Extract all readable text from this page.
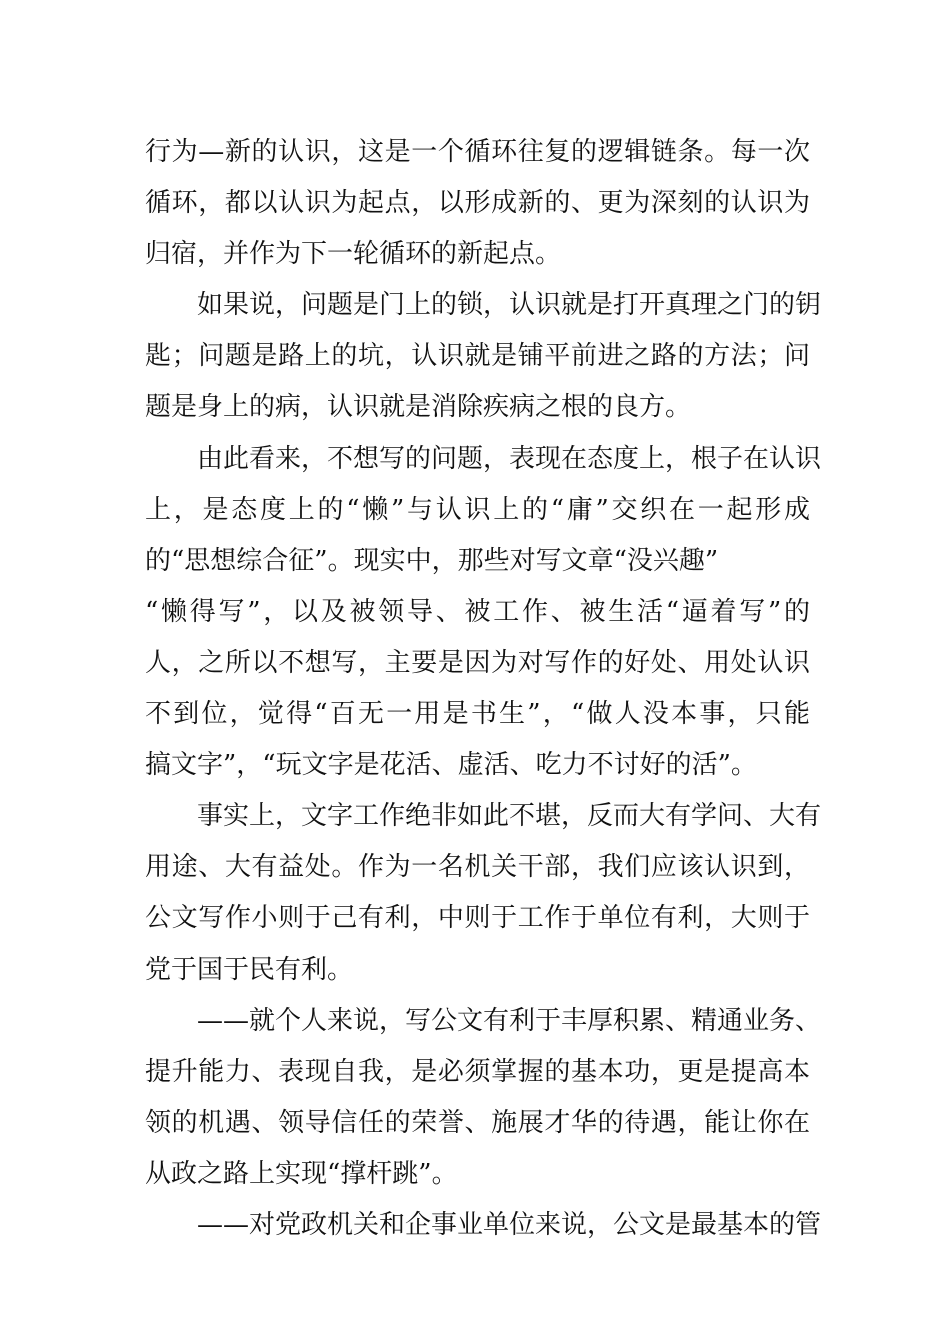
行为—新的认识，这是一个循环往复的逻辑链条。每一次
循环，都以认识为起点，以形成新的、更为深刻的认识为
归宿，并作为下一轮循环的新起点。
　　如果说，问题是门上的锁，认识就是打开真理之门的钥
匙；问题是路上的坑，认识就是铺平前进之路的方法；问
题是身上的病，认识就是消除疾病之根的良方。
　　由此看来，不想写的问题，表现在态度上，根子在认识
上，是态度上的“懒”与认识上的“庸”交织在一起形成
的“思想综合征”。现实中，那些对写文章“没兴趣”
“懒得写”，以及被领导、被工作、被生活“逼着写”的
人，之所以不想写，主要是因为对写作的好处、用处认识
不到位，觉得“百无一用是书生”，“做人没本事，只能
搞文字”，“玩文字是花活、虚活、吃力不讨好的活”。
　　事实上，文字工作绝非如此不堪，反而大有学问、大有
用途、大有益处。作为一名机关干部，我们应该认识到，
公文写作小则于己有利，中则于工作于单位有利，大则于
党于国于民有利。
　　——就个人来说，写公文有利于丰厚积累、精通业务、
提升能力、表现自我，是必须掌握的基本功，更是提高本
领的机遇、领导信任的荣誉、施展才华的待遇，能让你在
从政之路上实现“撑杆跳”。
　　——对党政机关和企事业单位来说，公文是最基本的管
